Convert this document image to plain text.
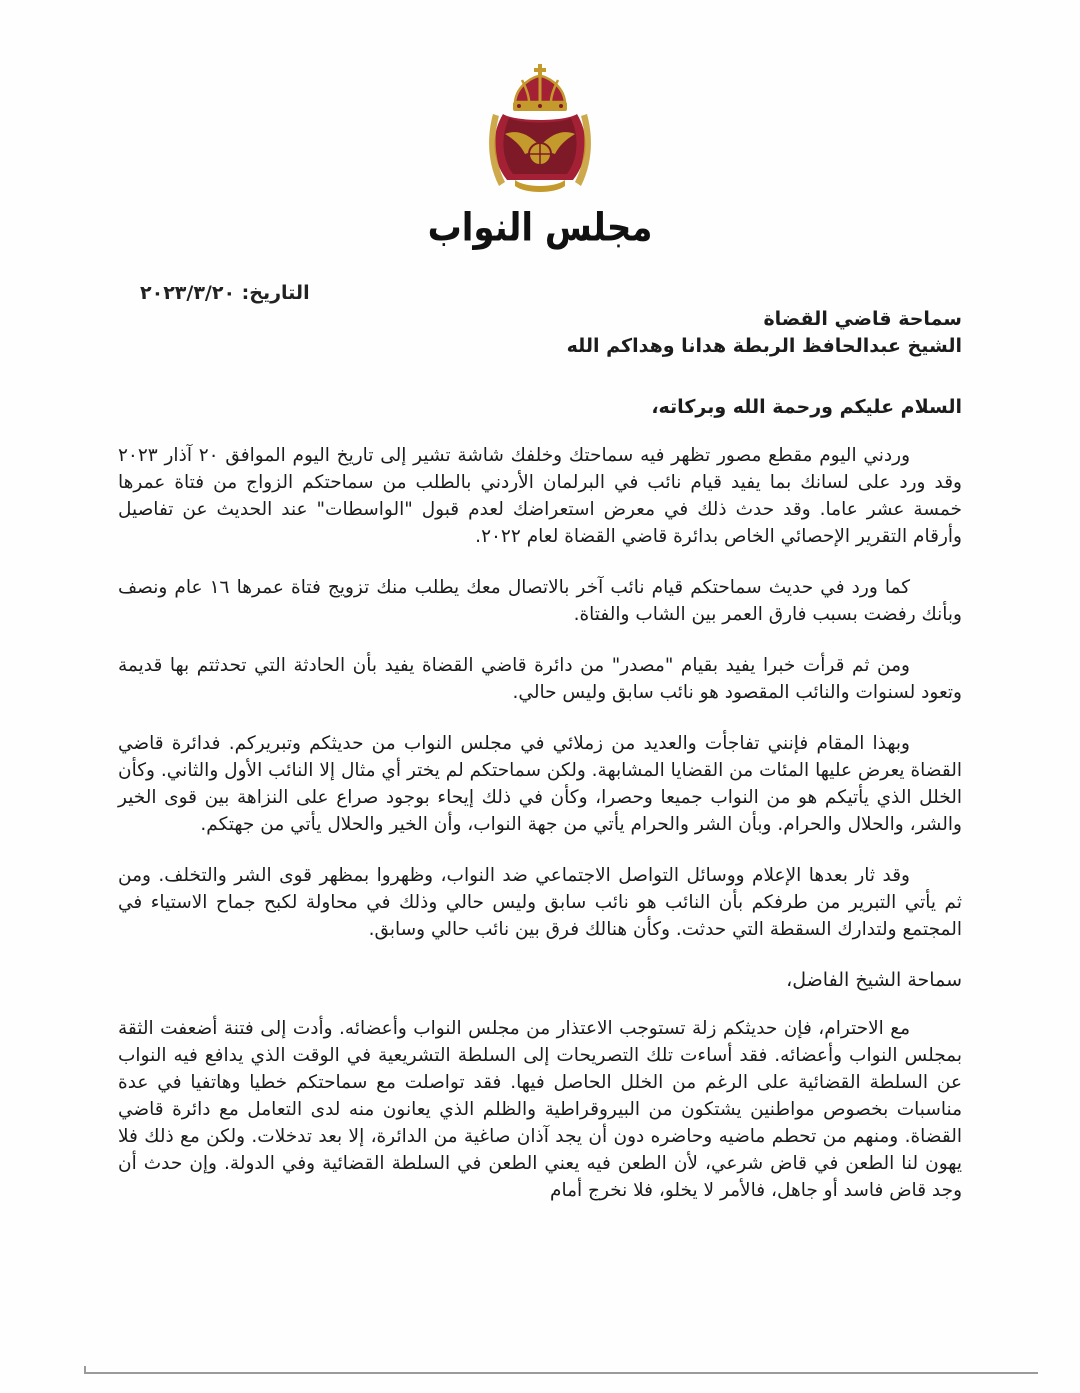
مجلس النواب
التاريخ: ٢٠٢٣/٣/٢٠
سماحة قاضي القضاة
الشيخ عبدالحافظ الربطة هدانا وهداكم الله
السلام عليكم ورحمة الله وبركاته،

وردني اليوم مقطع مصور تظهر فيه سماحتك وخلفك شاشة تشير إلى تاريخ اليوم الموافق ٢٠ آذار ٢٠٢٣ وقد ورد على لسانك بما يفيد قيام نائب في البرلمان الأردني بالطلب من سماحتكم الزواج من فتاة عمرها خمسة عشر عاما. وقد حدث ذلك في معرض استعراضك لعدم قبول "الواسطات" عند الحديث عن تفاصيل وأرقام التقرير الإحصائي الخاص بدائرة قاضي القضاة لعام ٢٠٢٢.

كما ورد في حديث سماحتكم قيام نائب آخر بالاتصال معك يطلب منك تزويج فتاة عمرها ١٦ عام ونصف وبأنك رفضت بسبب فارق العمر بين الشاب والفتاة.

ومن ثم قرأت خبرا يفيد بقيام "مصدر" من دائرة قاضي القضاة يفيد بأن الحادثة التي تحدثتم بها قديمة وتعود لسنوات والنائب المقصود هو نائب سابق وليس حالي.

وبهذا المقام فإنني تفاجأت والعديد من زملائي في مجلس النواب من حديثكم وتبريركم. فدائرة قاضي القضاة يعرض عليها المئات من القضايا المشابهة. ولكن سماحتكم لم يختر أي مثال إلا النائب الأول والثاني. وكأن الخلل الذي يأتيكم هو من النواب جميعا وحصرا، وكأن في ذلك إيحاء بوجود صراع على النزاهة بين قوى الخير والشر، والحلال والحرام. وبأن الشر والحرام يأتي من جهة النواب، وأن الخير والحلال يأتي من جهتكم.

وقد ثار بعدها الإعلام ووسائل التواصل الاجتماعي ضد النواب، وظهروا بمظهر قوى الشر والتخلف. ومن ثم يأتي التبرير من طرفكم بأن النائب هو نائب سابق وليس حالي وذلك في محاولة لكبح جماح الاستياء في المجتمع ولتدارك السقطة التي حدثت. وكأن هنالك فرق بين نائب حالي وسابق.

سماحة الشيخ الفاضل،

مع الاحترام، فإن حديثكم زلة تستوجب الاعتذار من مجلس النواب وأعضائه. وأدت إلى فتنة أضعفت الثقة بمجلس النواب وأعضائه. فقد أساءت تلك التصريحات إلى السلطة التشريعية في الوقت الذي يدافع فيه النواب عن السلطة القضائية على الرغم من الخلل الحاصل فيها. فقد تواصلت مع سماحتكم خطيا وهاتفيا في عدة مناسبات بخصوص مواطنين يشتكون من البيروقراطية والظلم الذي يعانون منه لدى التعامل مع دائرة قاضي القضاة. ومنهم من تحطم ماضيه وحاضره دون أن يجد آذان صاغية من الدائرة، إلا بعد تدخلات. ولكن مع ذلك فلا يهون لنا الطعن في قاض شرعي، لأن الطعن فيه يعني الطعن في السلطة القضائية وفي الدولة. وإن حدث أن وجد قاض فاسد أو جاهل، فالأمر لا يخلو، فلا نخرج أمام
